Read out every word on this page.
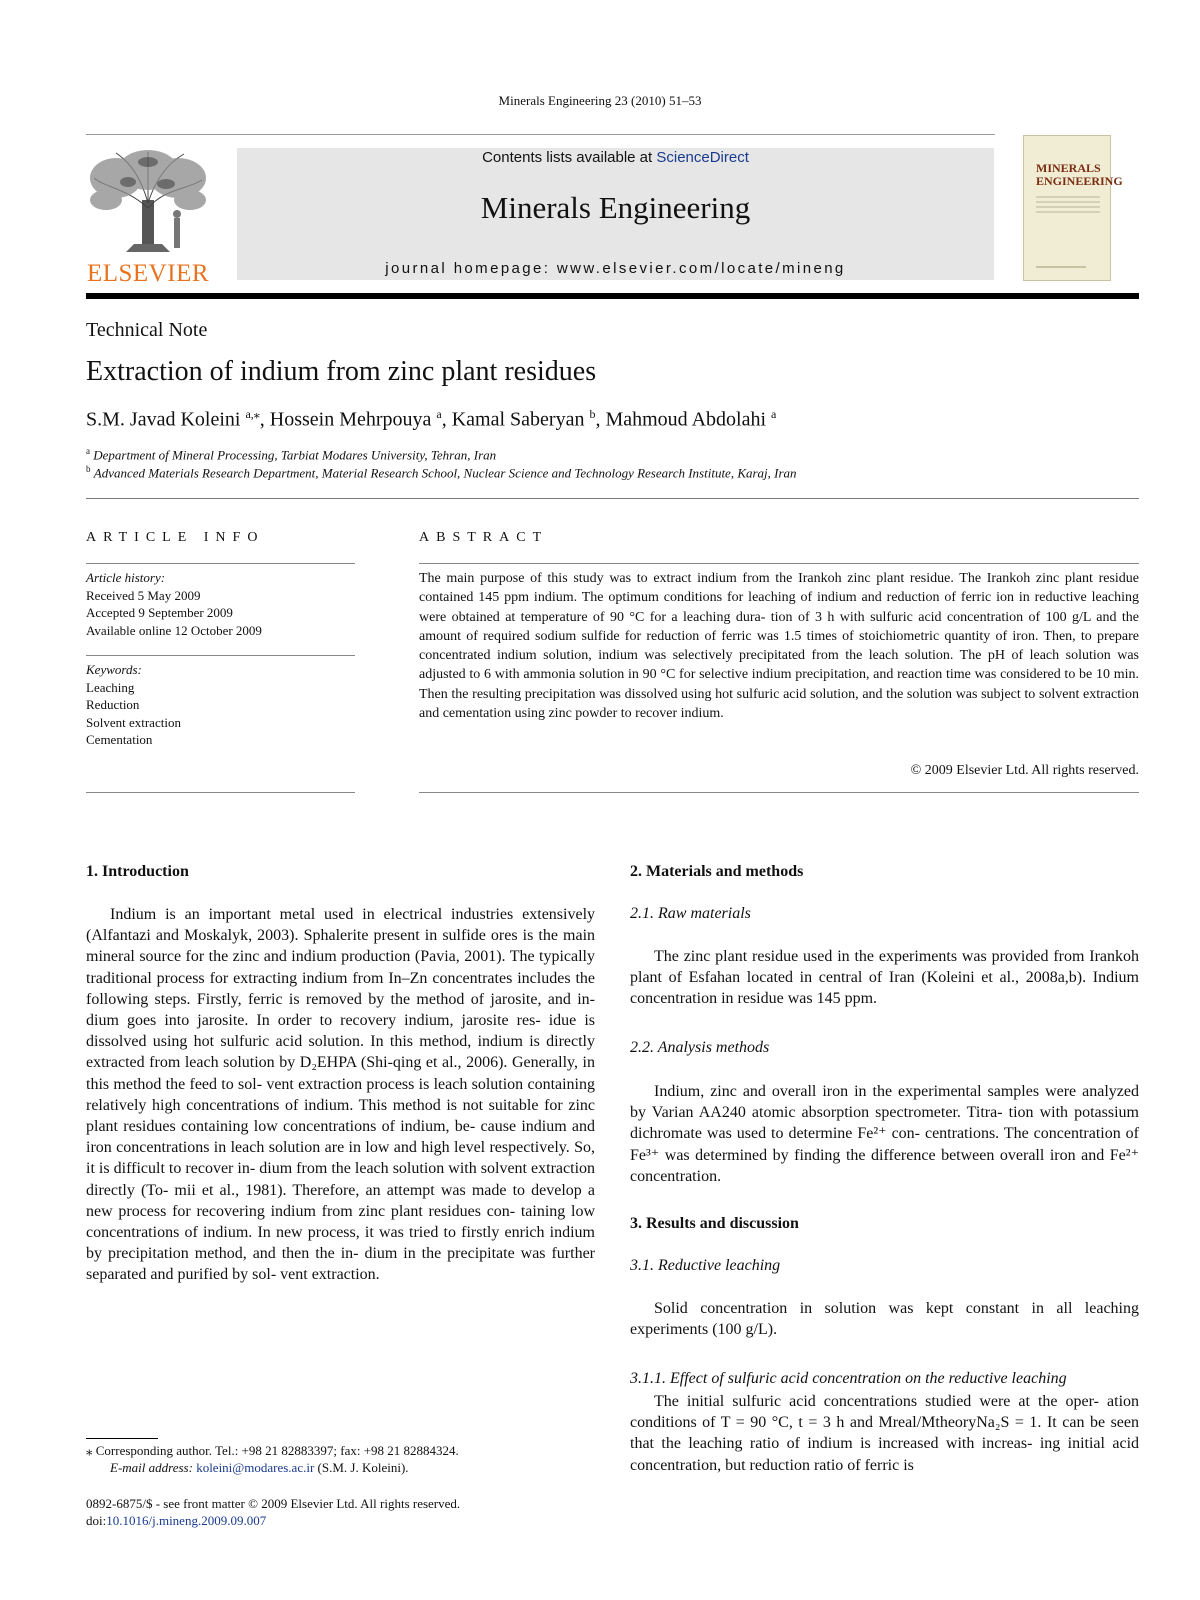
Minerals Engineering 23 (2010) 51–53
ELSEVIER
Contents lists available at ScienceDirect
Minerals Engineering
journal homepage: www.elsevier.com/locate/mineng
MINERALS
ENGINEERING
Technical Note
Extraction of indium from zinc plant residues
S.M. Javad Koleini $^{a,⁎}$, Hossein Mehrpouya $^a$, Kamal Saberyan $^b$, Mahmoud Abdolahi $^a$
$^a$ Department of Mineral Processing, Tarbiat Modares University, Tehran, Iran
$^b$ Advanced Materials Research Department, Material Research School, Nuclear Science and Technology Research Institute, Karaj, Iran
ARTICLE INFO
Article history:
Received 5 May 2009
Accepted 9 September 2009
Available online 12 October 2009
Keywords:
Leaching
Reduction
Solvent extraction
Cementation
ABSTRACT
The main purpose of this study was to extract indium from the Irankoh zinc plant residue. The Irankoh zinc plant residue contained 145 ppm indium. The optimum conditions for leaching of indium and reduction of ferric ion in reductive leaching were obtained at temperature of 90 °C for a leaching dura- tion of 3 h with sulfuric acid concentration of 100 g/L and the amount of required sodium sulfide for reduction of ferric was 1.5 times of stoichiometric quantity of iron. Then, to prepare concentrated indium solution, indium was selectively precipitated from the leach solution. The pH of leach solution was adjusted to 6 with ammonia solution in 90 °C for selective indium precipitation, and reaction time was considered to be 10 min. Then the resulting precipitation was dissolved using hot sulfuric acid solution, and the solution was subject to solvent extraction and cementation using zinc powder to recover indium.
© 2009 Elsevier Ltd. All rights reserved.
1. Introduction

Indium is an important metal used in electrical industries extensively (Alfantazi and Moskalyk, 2003). Sphalerite present in sulfide ores is the main mineral source for the zinc and indium production (Pavia, 2001). The typically traditional process for extracting indium from In–Zn concentrates includes the following steps. Firstly, ferric is removed by the method of jarosite, and in- dium goes into jarosite. In order to recovery indium, jarosite res- idue is dissolved using hot sulfuric acid solution. In this method, indium is directly extracted from leach solution by D₂EHPA (Shi-qing et al., 2006). Generally, in this method the feed to sol- vent extraction process is leach solution containing relatively high concentrations of indium. This method is not suitable for zinc plant residues containing low concentrations of indium, be- cause indium and iron concentrations in leach solution are in low and high level respectively. So, it is difficult to recover in- dium from the leach solution with solvent extraction directly (To- mii et al., 1981). Therefore, an attempt was made to develop a new process for recovering indium from zinc plant residues con- taining low concentrations of indium. In new process, it was tried to firstly enrich indium by precipitation method, and then the in- dium in the precipitate was further separated and purified by sol- vent extraction.

2. Materials and methods
2.1. Raw materials

The zinc plant residue used in the experiments was provided from Irankoh plant of Esfahan located in central of Iran (Koleini et al., 2008a,b). Indium concentration in residue was 145 ppm.

2.2. Analysis methods

Indium, zinc and overall iron in the experimental samples were analyzed by Varian AA240 atomic absorption spectrometer. Titra- tion with potassium dichromate was used to determine Fe²⁺ con- centrations. The concentration of Fe³⁺ was determined by finding the difference between overall iron and Fe²⁺ concentration.

3. Results and discussion
3.1. Reductive leaching

Solid concentration in solution was kept constant in all leaching experiments (100 g/L).

3.1.1. Effect of sulfuric acid concentration on the reductive leaching

The initial sulfuric acid concentrations studied were at the oper- ation conditions of T = 90 °C, t = 3 h and Mreal/MtheoryNa₂S = 1. It can be seen that the leaching ratio of indium is increased with increas- ing initial acid concentration, but reduction ratio of ferric is

⁎ Corresponding author. Tel.: +98 21 82883397; fax: +98 21 82884324.
E-mail address: koleini@modares.ac.ir (S.M. J. Koleini).
0892-6875/$ - see front matter © 2009 Elsevier Ltd. All rights reserved.
doi:10.1016/j.mineng.2009.09.007
